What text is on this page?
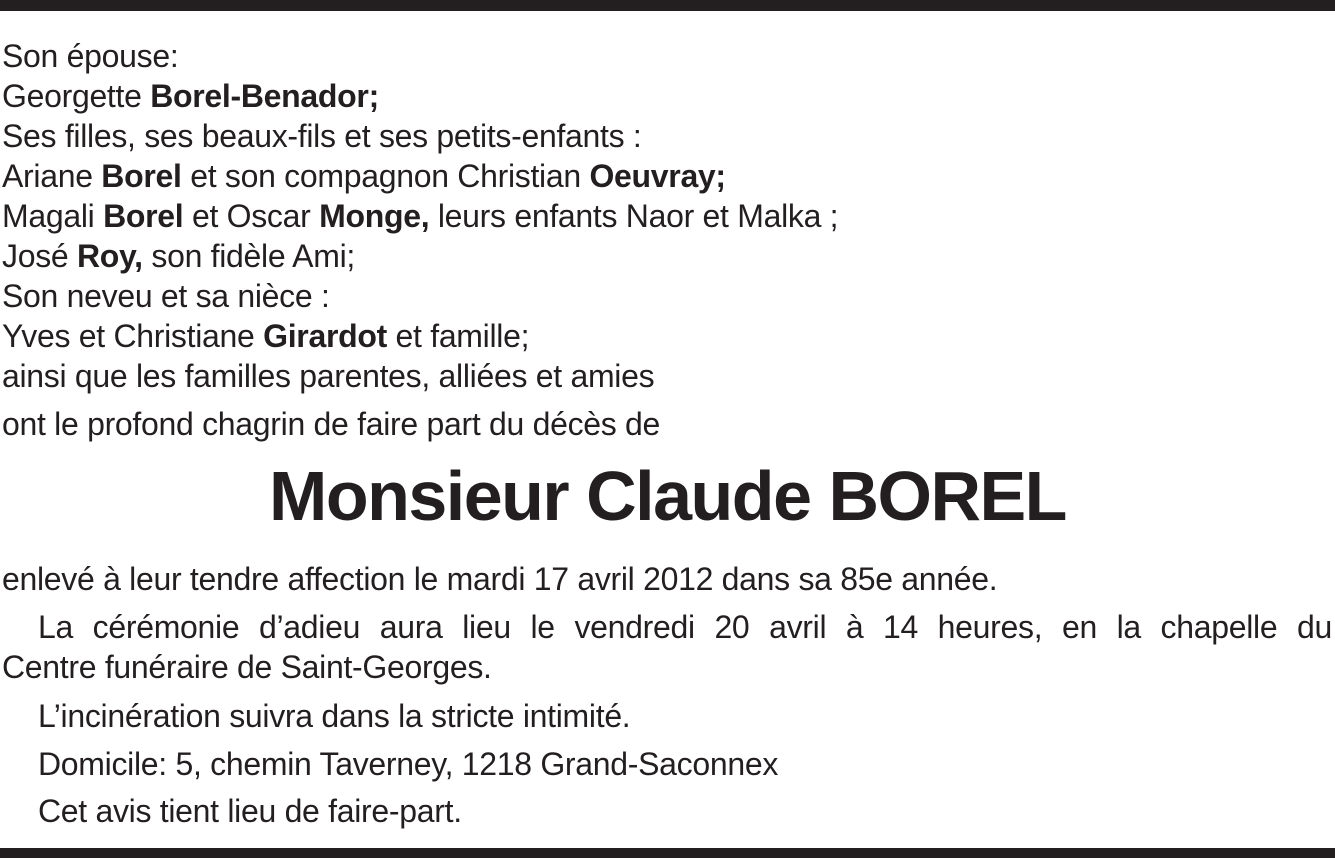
Son épouse:
Georgette Borel-Benador;
Ses filles, ses beaux-fils et ses petits-enfants :
Ariane Borel et son compagnon Christian Oeuvray;
Magali Borel et Oscar Monge, leurs enfants Naor et Malka ;
José Roy, son fidèle Ami;
Son neveu et sa nièce :
Yves et Christiane Girardot et famille;
ainsi que les familles parentes, alliées et amies
ont le profond chagrin de faire part du décès de
Monsieur Claude BOREL
enlevé à leur tendre affection le mardi 17 avril 2012 dans sa 85e année.
La cérémonie d’adieu aura lieu le vendredi 20 avril à 14 heures, en la chapelle du
Centre funéraire de Saint-Georges.
L’incinération suivra dans la stricte intimité.
Domicile: 5, chemin Taverney, 1218 Grand-Saconnex
Cet avis tient lieu de faire-part.
